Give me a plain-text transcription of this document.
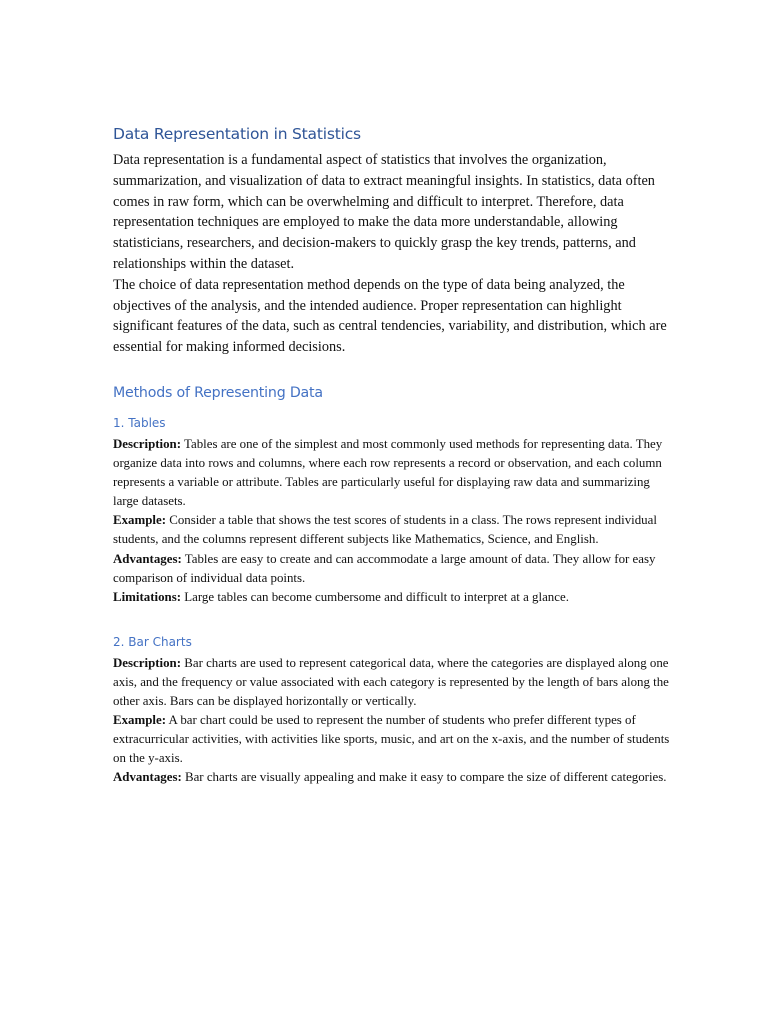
Data Representation in Statistics

Data representation is a fundamental aspect of statistics that involves the organization, summarization, and visualization of data to extract meaningful insights. In statistics, data often comes in raw form, which can be overwhelming and difficult to interpret. Therefore, data representation techniques are employed to make the data more understandable, allowing statisticians, researchers, and decision-makers to quickly grasp the key trends, patterns, and relationships within the dataset.

The choice of data representation method depends on the type of data being analyzed, the objectives of the analysis, and the intended audience. Proper representation can highlight significant features of the data, such as central tendencies, variability, and distribution, which are essential for making informed decisions.

Methods of Representing Data
1. Tables

Description: Tables are one of the simplest and most commonly used methods for representing data. They organize data into rows and columns, where each row represents a record or observation, and each column represents a variable or attribute. Tables are particularly useful for displaying raw data and summarizing large datasets.

Example: Consider a table that shows the test scores of students in a class. The rows represent individual students, and the columns represent different subjects like Mathematics, Science, and English.

Advantages: Tables are easy to create and can accommodate a large amount of data. They allow for easy comparison of individual data points.

Limitations: Large tables can become cumbersome and difficult to interpret at a glance.

2. Bar Charts

Description: Bar charts are used to represent categorical data, where the categories are displayed along one axis, and the frequency or value associated with each category is represented by the length of bars along the other axis. Bars can be displayed horizontally or vertically.

Example: A bar chart could be used to represent the number of students who prefer different types of extracurricular activities, with activities like sports, music, and art on the x-axis, and the number of students on the y-axis.

Advantages: Bar charts are visually appealing and make it easy to compare the size of different categories.
